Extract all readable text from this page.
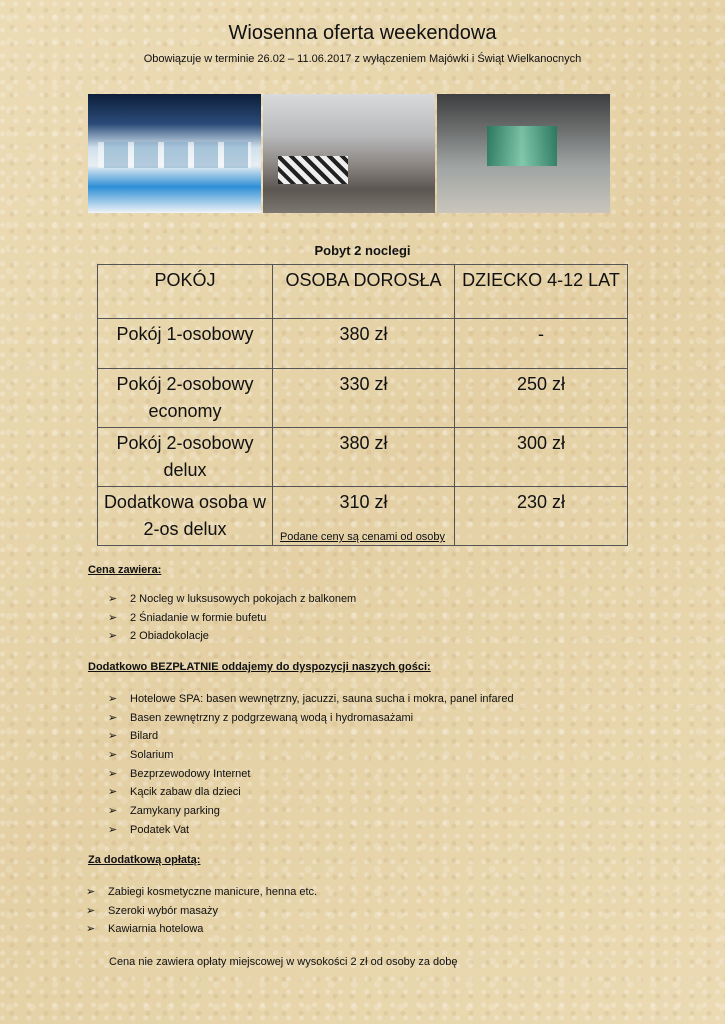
Wiosenna oferta weekendowa
Obowiązuje w terminie 26.02 – 11.06.2017 z wyłączeniem Majówki i Świąt Wielkanocnych
Pobyt 2 noclegi
POKÓJ	OSOBA DOROSŁA	DZIECKO 4-12 LAT
Pokój 1-osobowy	380 zł	-
Pokój 2-osobowy economy	330 zł	250 zł
Pokój 2-osobowy delux	380 zł	300 zł
Dodatkowa osoba w 2-os delux	310 zł	230 zł
Podane ceny są cenami od osoby
Cena zawiera:
➢ 2 Nocleg w luksusowych pokojach z balkonem
➢ 2 Śniadanie w formie bufetu
➢ 2 Obiadokolacje
Dodatkowo BEZPŁATNIE oddajemy do dyspozycji naszych gości:
➢ Hotelowe SPA: basen wewnętrzny, jacuzzi, sauna sucha i mokra, panel infared
➢ Basen zewnętrzny z podgrzewaną wodą i hydromasażami
➢ Bilard
➢ Solarium
➢ Bezprzewodowy Internet
➢ Kącik zabaw dla dzieci
➢ Zamykany parking
➢ Podatek Vat
Za dodatkową opłatą:
➢ Zabiegi kosmetyczne manicure, henna etc.
➢ Szeroki wybór masaży
➢ Kawiarnia hotelowa
Cena nie zawiera opłaty miejscowej w wysokości 2 zł od osoby za dobę
